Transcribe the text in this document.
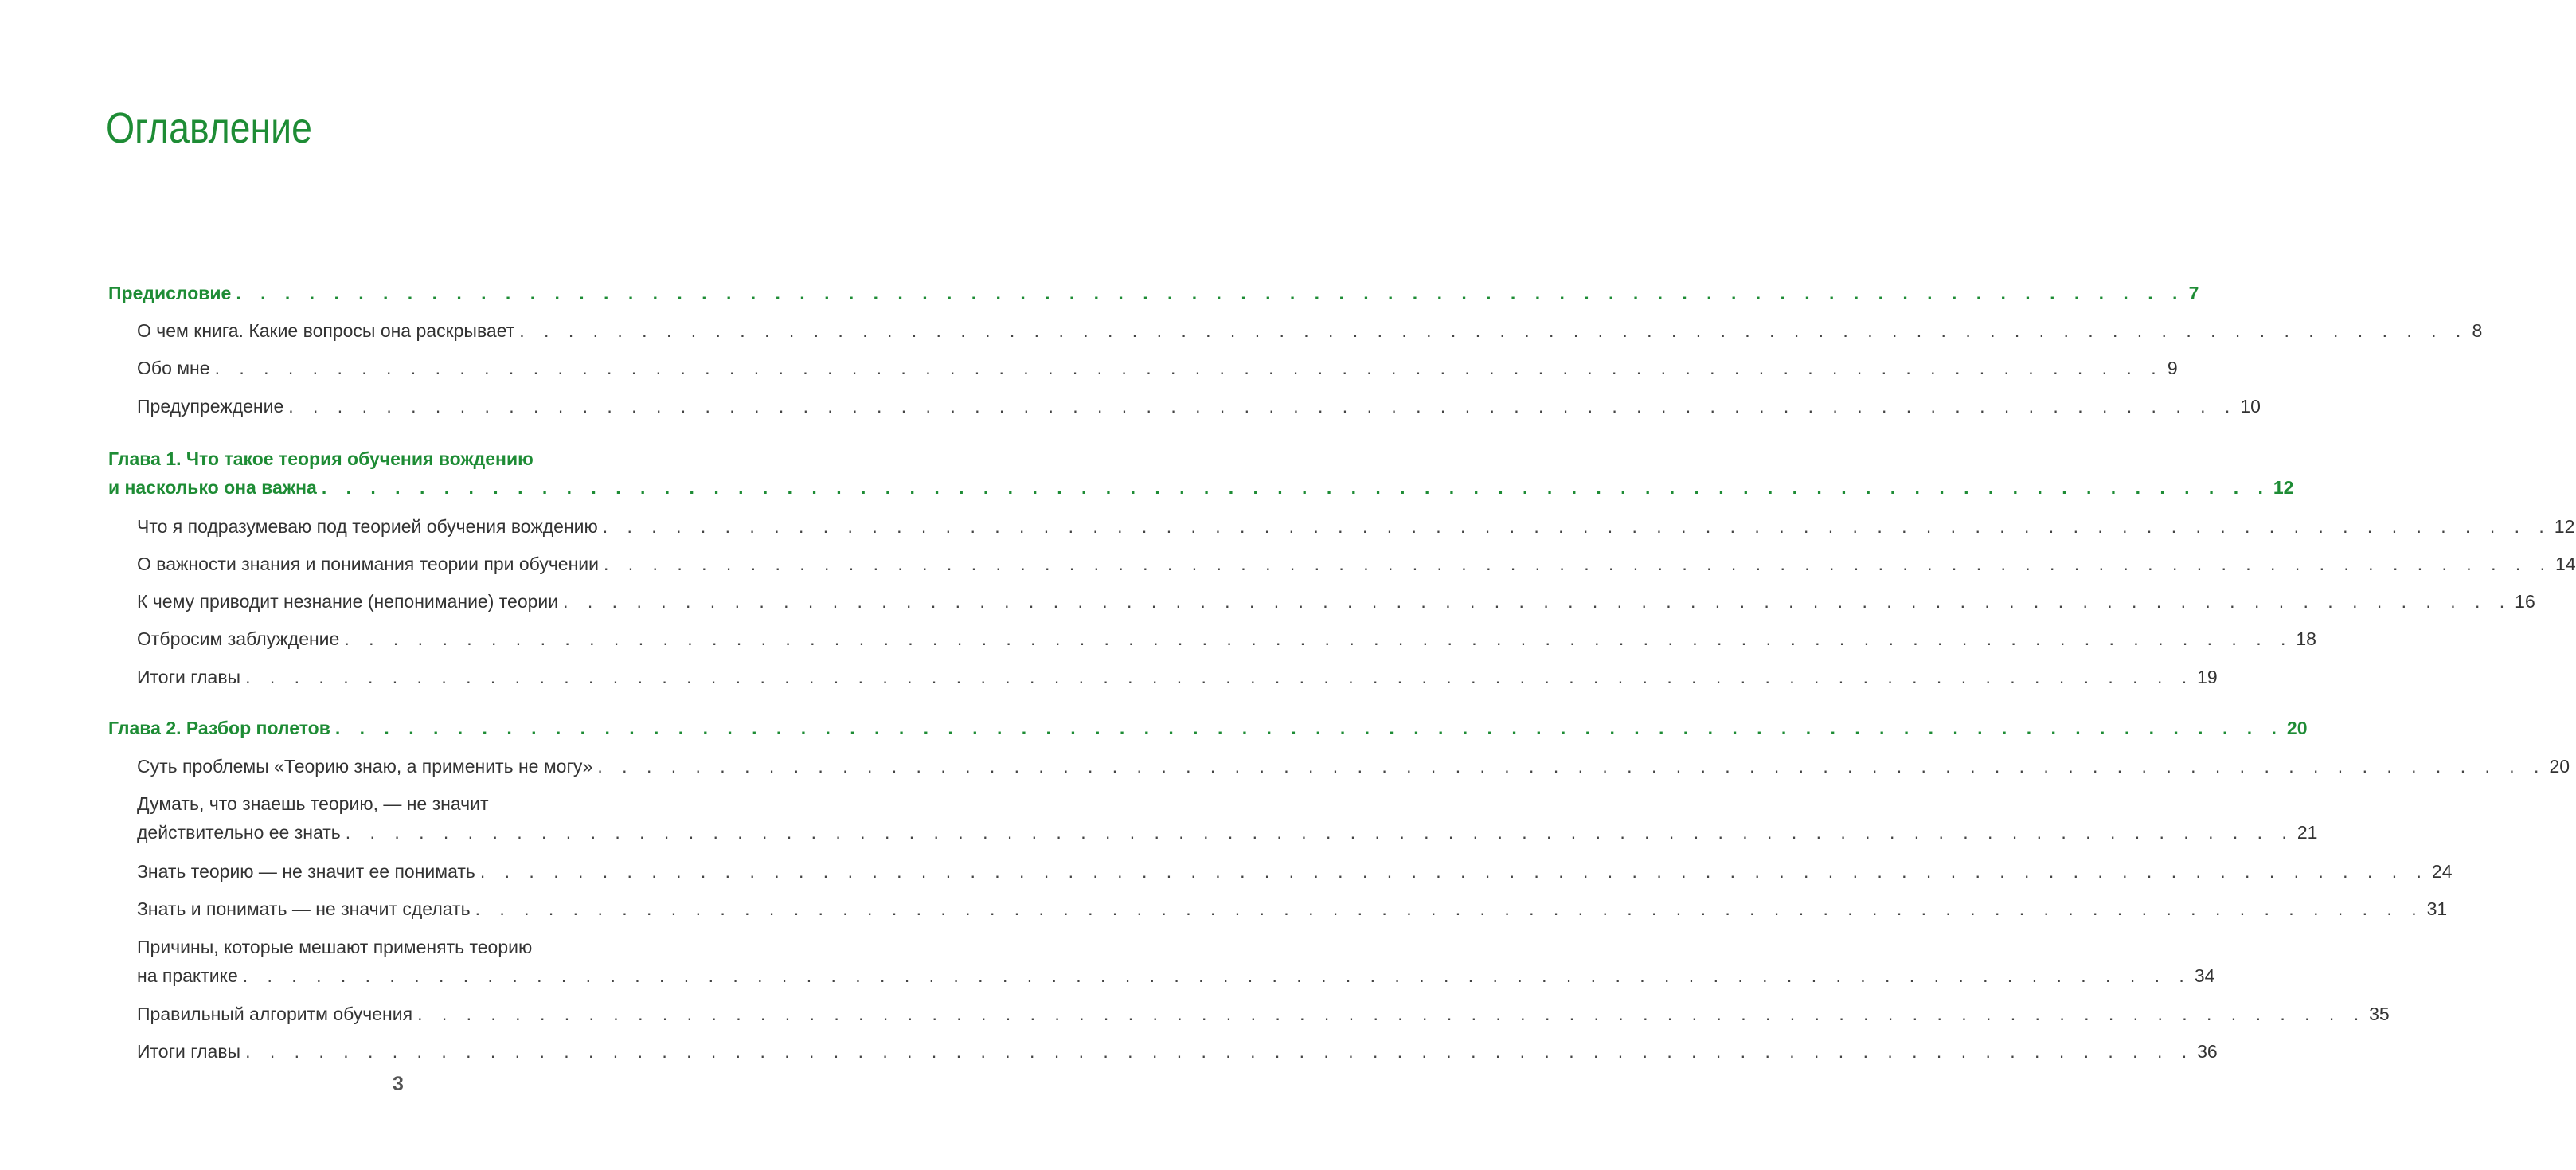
Оглавление
Предисловие . . . . . . . . . . . . . . . . . . . . . . . . . . . . . . . . . . . . . . . . . . . . . . . . . . . . . . . . . . . . . . . . . . . . . . . . . . . . . . . . 7
О чем книга. Какие вопросы она раскрывает . . . . . . . . . . . . . . . . . . . . . . . . . . . . . . . . . . . . . . . . . . . . . . . . . . . . . . . . . . . . . . . . . . . . . . . . . . . . . . . . 8
Обо мне . . . . . . . . . . . . . . . . . . . . . . . . . . . . . . . . . . . . . . . . . . . . . . . . . . . . . . . . . . . . . . . . . . . . . . . . . . . . . . . . 9
Предупреждение . . . . . . . . . . . . . . . . . . . . . . . . . . . . . . . . . . . . . . . . . . . . . . . . . . . . . . . . . . . . . . . . . . . . . . . . . . . . . . . . 10
Глава 1. Что такое теория обучения вождению
и насколько она важна . . . . . . . . . . . . . . . . . . . . . . . . . . . . . . . . . . . . . . . . . . . . . . . . . . . . . . . . . . . . . . . . . . . . . . . . . . . . . . . . 12
Что я подразумеваю под теорией обучения вождению . . . . . . . . . . . . . . . . . . . . . . . . . . . . . . . . . . . . . . . . . . . . . . . . . . . . . . . . . . . . . . . . . . . . . . . . . . . . . . . . 12
О важности знания и понимания теории при обучении . . . . . . . . . . . . . . . . . . . . . . . . . . . . . . . . . . . . . . . . . . . . . . . . . . . . . . . . . . . . . . . . . . . . . . . . . . . . . . . . 14
К чему приводит незнание (непонимание) теории . . . . . . . . . . . . . . . . . . . . . . . . . . . . . . . . . . . . . . . . . . . . . . . . . . . . . . . . . . . . . . . . . . . . . . . . . . . . . . . . 16
Отбросим заблуждение . . . . . . . . . . . . . . . . . . . . . . . . . . . . . . . . . . . . . . . . . . . . . . . . . . . . . . . . . . . . . . . . . . . . . . . . . . . . . . . . 18
Итоги главы . . . . . . . . . . . . . . . . . . . . . . . . . . . . . . . . . . . . . . . . . . . . . . . . . . . . . . . . . . . . . . . . . . . . . . . . . . . . . . . . 19
Глава 2. Разбор полетов . . . . . . . . . . . . . . . . . . . . . . . . . . . . . . . . . . . . . . . . . . . . . . . . . . . . . . . . . . . . . . . . . . . . . . . . . . . . . . . . 20
Суть проблемы «Теорию знаю, а применить не могу» . . . . . . . . . . . . . . . . . . . . . . . . . . . . . . . . . . . . . . . . . . . . . . . . . . . . . . . . . . . . . . . . . . . . . . . . . . . . . . . . 20
Думать, что знаешь теорию, — не значит
действительно ее знать . . . . . . . . . . . . . . . . . . . . . . . . . . . . . . . . . . . . . . . . . . . . . . . . . . . . . . . . . . . . . . . . . . . . . . . . . . . . . . . . 21
Знать теорию — не значит ее понимать . . . . . . . . . . . . . . . . . . . . . . . . . . . . . . . . . . . . . . . . . . . . . . . . . . . . . . . . . . . . . . . . . . . . . . . . . . . . . . . . 24
Знать и понимать — не значит сделать . . . . . . . . . . . . . . . . . . . . . . . . . . . . . . . . . . . . . . . . . . . . . . . . . . . . . . . . . . . . . . . . . . . . . . . . . . . . . . . . 31
Причины, которые мешают применять теорию
на практике . . . . . . . . . . . . . . . . . . . . . . . . . . . . . . . . . . . . . . . . . . . . . . . . . . . . . . . . . . . . . . . . . . . . . . . . . . . . . . . . 34
Правильный алгоритм обучения . . . . . . . . . . . . . . . . . . . . . . . . . . . . . . . . . . . . . . . . . . . . . . . . . . . . . . . . . . . . . . . . . . . . . . . . . . . . . . . . 35
Итоги главы . . . . . . . . . . . . . . . . . . . . . . . . . . . . . . . . . . . . . . . . . . . . . . . . . . . . . . . . . . . . . . . . . . . . . . . . . . . . . . . . 36
3
